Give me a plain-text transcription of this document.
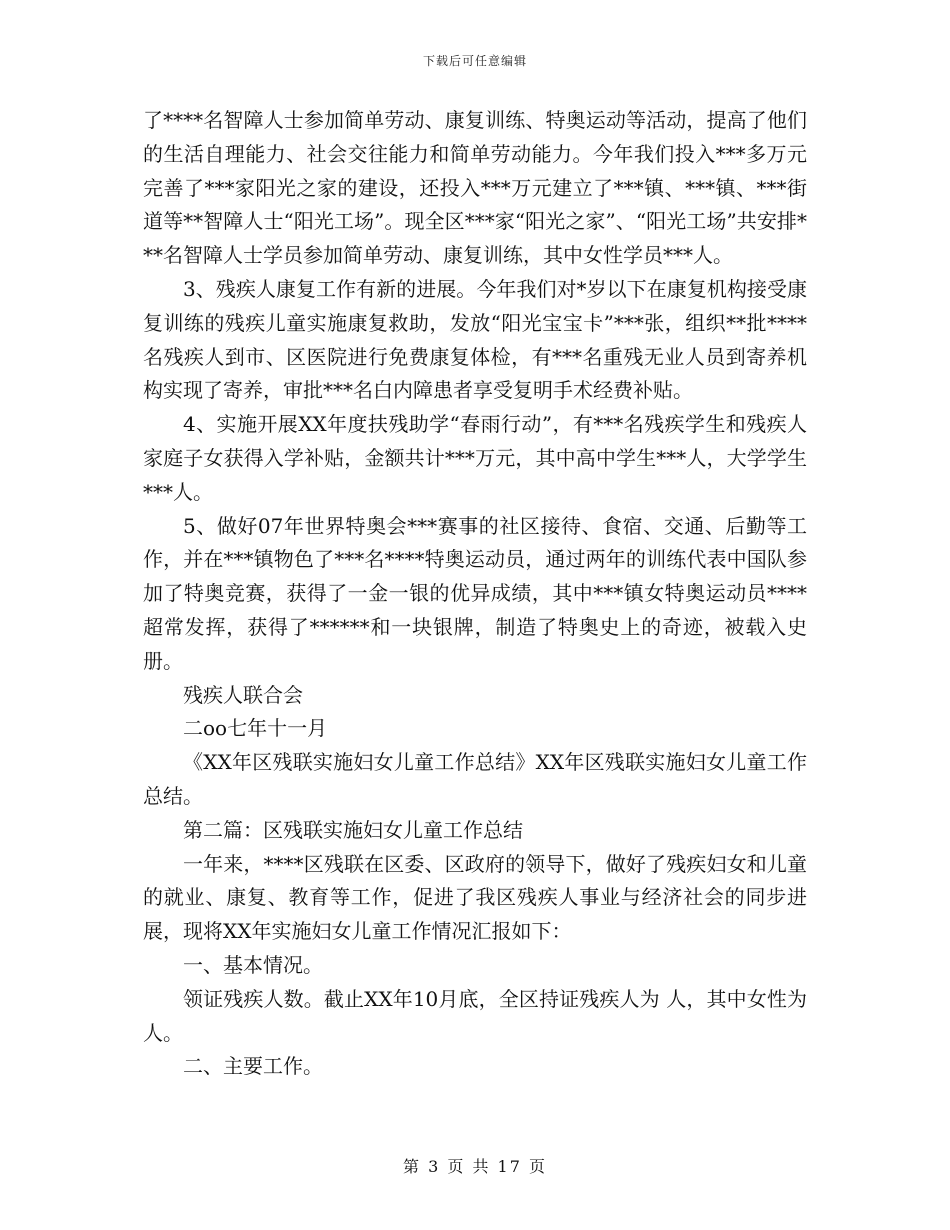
下载后可任意编辑

了****名智障人士参加简单劳动、康复训练、特奥运动等活动，提高了他们的生活自理能力、社会交往能力和简单劳动能力。今年我们投入***多万元完善了***家阳光之家的建设，还投入***万元建立了***镇、***镇、***街道等**智障人士“阳光工场”。现全区***家“阳光之家”、“阳光工场”共安排***名智障人士学员参加简单劳动、康复训练，其中女性学员***人。

3、残疾人康复工作有新的进展。今年我们对*岁以下在康复机构接受康复训练的残疾儿童实施康复救助，发放“阳光宝宝卡”***张，组织**批****名残疾人到市、区医院进行免费康复体检，有***名重残无业人员到寄养机构实现了寄养，审批***名白内障患者享受复明手术经费补贴。

4、实施开展XX年度扶残助学“春雨行动”，有***名残疾学生和残疾人家庭子女获得入学补贴，金额共计***万元，其中高中学生***人，大学学生***人。

5、做好07年世界特奥会***赛事的社区接待、食宿、交通、后勤等工作，并在***镇物色了***名****特奥运动员，通过两年的训练代表中国队参加了特奥竞赛，获得了一金一银的优异成绩，其中***镇女特奥运动员****超常发挥，获得了******和一块银牌，制造了特奥史上的奇迹，被载入史册。

残疾人联合会

二oo七年十一月

《XX年区残联实施妇女儿童工作总结》XX年区残联实施妇女儿童工作总结。

第二篇：区残联实施妇女儿童工作总结

一年来，****区残联在区委、区政府的领导下，做好了残疾妇女和儿童的就业、康复、教育等工作，促进了我区残疾人事业与经济社会的同步进展，现将XX年实施妇女儿童工作情况汇报如下：

一、基本情况。

领证残疾人数。截止XX年10月底，全区持证残疾人为 人，其中女性为 人。

二、主要工作。

第 3 页 共 17 页
